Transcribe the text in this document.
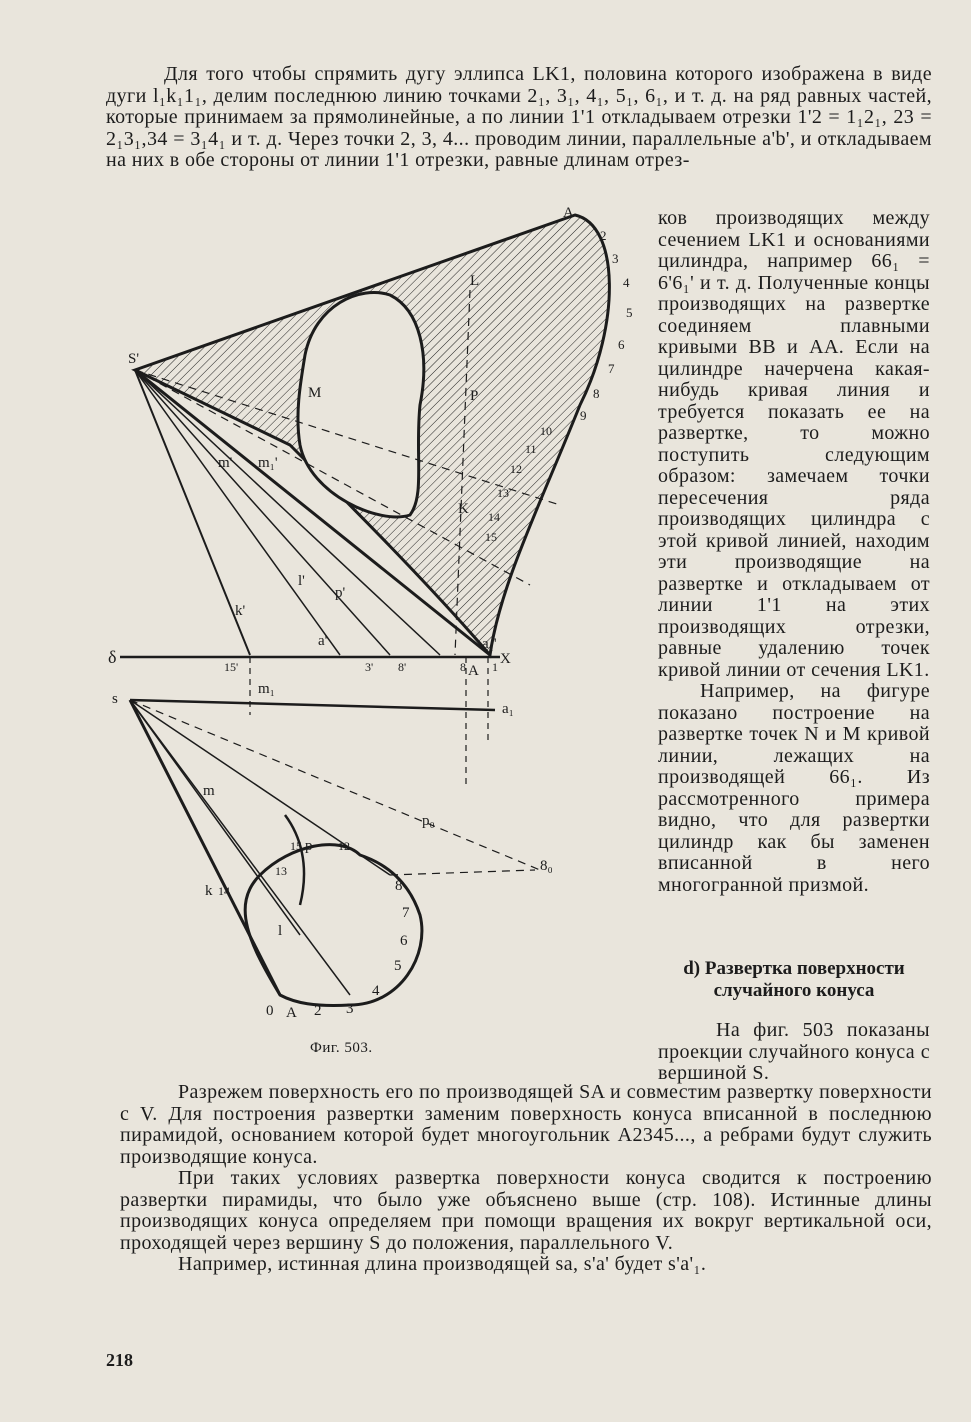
Для того чтобы спрямить дугу эллипса LK1, половина которого изображена в виде дуги l₁k₁1₁, делим последнюю линию точками 2₁, 3₁, 4₁, 5₁, 6₁, и т. д. на ряд равных частей, которые принимаем за прямолинейные, а по линии 1'1 откладываем отрезки 1'2 = 1₁2₁, 23 = 2₁3₁,34 = 3₁4₁ и т. д. Через точки 2, 3, 4... проводим линии, параллельные a'b', и откладываем на них в обе стороны от линии 1'1 отрезки, равные длинам отрез-

ков производящих между сечением LK1 и основаниями цилиндра, например 66₁ = 6'6₁' и т. д. Полученные концы производящих на развертке соединяем плавными кривыми BB и AA. Если на цилиндре начерчена какая-нибудь кривая линия и требуется показать ее на развертке, то можно поступить следующим образом: замечаем точки пересечения ряда производящих цилиндра с этой кривой линией, находим эти производящие на развертке и откладываем от линии 1'1 на этих производящих отрезки, равные удалению точек кривой линии от сечения LK1.

Например, на фигуре показано построение на развертке точек N и M кривой линии, лежащих на производящей 66₁. Из рассмотренного примера видно, что для развертки цилиндр как бы заменен вписанной в него многогранной призмой.

d) Развертка поверхности случайного конуса

На фиг. 503 показаны проекции случайного конуса с вершиной S.

Разрежем поверхность его по производящей SA и совместим развертку поверхности с V. Для построения развертки заменим поверхность конуса вписанной в последнюю пирамидой, основанием которой будет многоугольник A2345..., а ребрами будут служить производящие конуса.

При таких условиях развертка поверхности конуса сводится к построению развертки пирамиды, что было уже объяснено выше (стр. 108). Истинные длины производящих конуса определяем при помощи вращения их вокруг вертикальной оси, проходящей через вершину S до положения, параллельного V.

Например, истинная длина производящей sa, s'a' будет s'a'₁.

Фиг. 503.
218
S'
A
L
M	P
K
m' m₁'
k'
l'
p'
a'
δ	X
a₁'
A
15'	3' 8'	8 1
s
m₁
a₁
m
p₀
p
k
l
8
8₀
7
6
5
4
3
2
0 A
14
13
15	12
2
3
4
5
6
7
8
9
10
11
12
13
14
15
